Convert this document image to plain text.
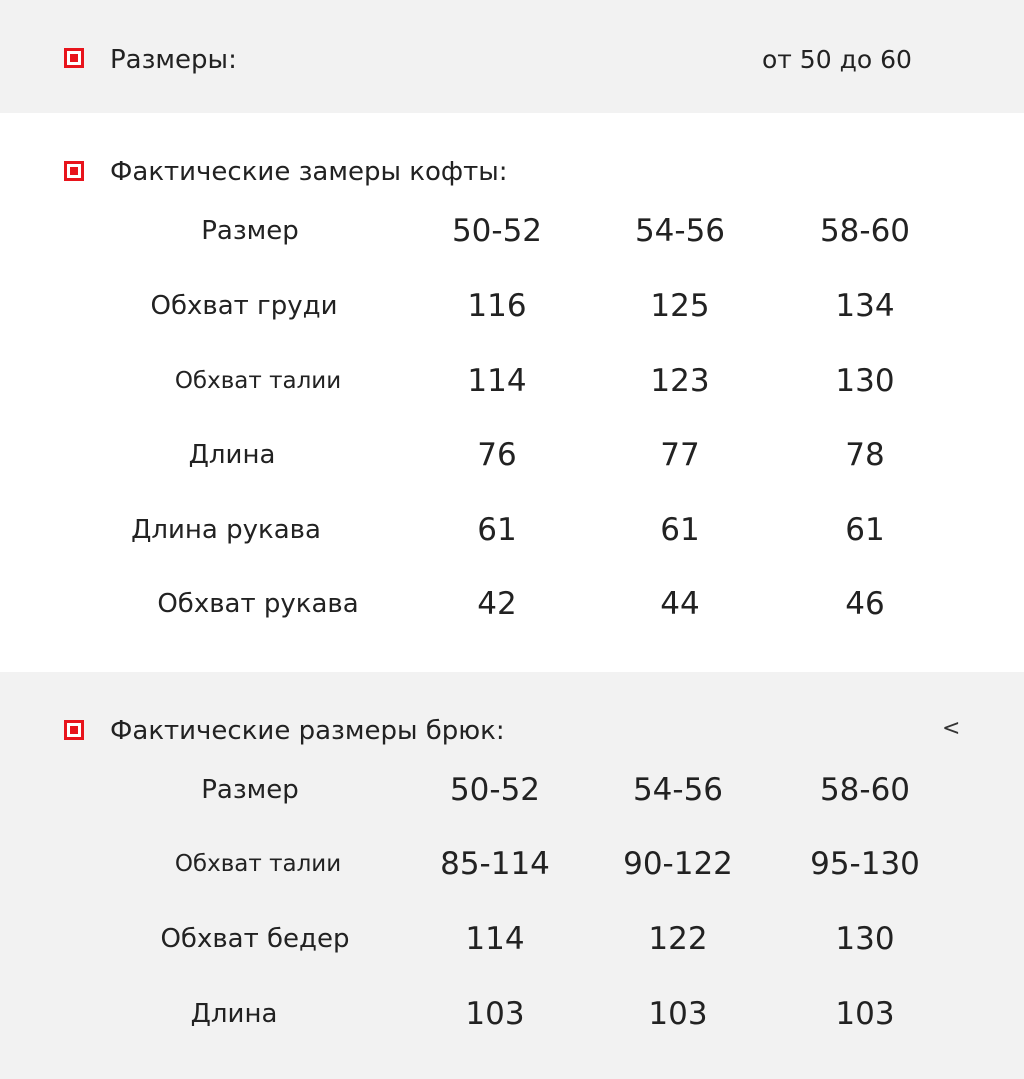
Размеры:	от 50 до 60
Фактические замеры кофты:
Размер	50-52	54-56	58-60
Обхват груди	116	125	134
Обхват талии	114	123	130
Длина	76	77	78
Длина рукава	61	61	61
Обхват рукава	42	44	46
Фактические размеры брюк:	<
Размер	50-52	54-56	58-60
Обхват талии	85-114	90-122	95-130
Обхват бедер	114	122	130
Длина	103	103	103
